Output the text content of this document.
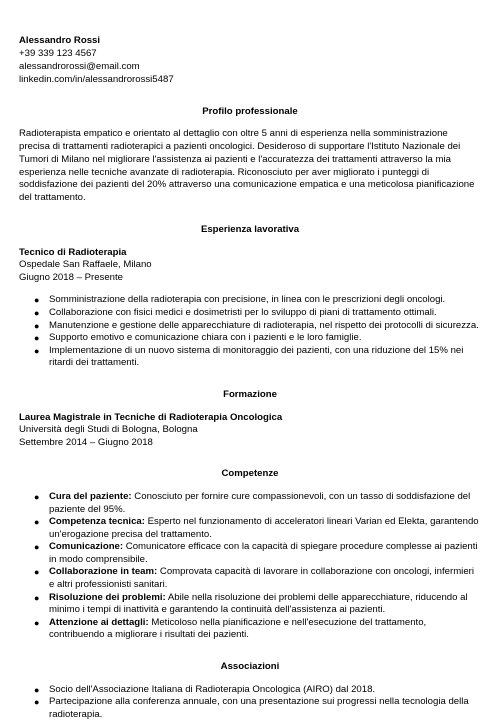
Alessandro Rossi
+39 339 123 4567
alessandrorossi@email.com
linkedin.com/in/alessandrorossi5487
Profilo professionale

Radioterapista empatico e orientato al dettaglio con oltre 5 anni di esperienza nella somministrazione precisa di trattamenti radioterapici a pazienti oncologici. Desideroso di supportare l'Istituto Nazionale dei Tumori di Milano nel migliorare l'assistenza ai pazienti e l'accuratezza dei trattamenti attraverso la mia esperienza nelle tecniche avanzate di radioterapia. Riconosciuto per aver migliorato i punteggi di soddisfazione dei pazienti del 20% attraverso una comunicazione empatica e una meticolosa pianificazione del trattamento.

Esperienza lavorativa
Tecnico di Radioterapia
Ospedale San Raffaele, Milano
Giugno 2018 – Presente
● Somministrazione della radioterapia con precisione, in linea con le prescrizioni degli oncologi.
● Collaborazione con fisici medici e dosimetristi per lo sviluppo di piani di trattamento ottimali.
● Manutenzione e gestione delle apparecchiature di radioterapia, nel rispetto dei protocolli di sicurezza.
● Supporto emotivo e comunicazione chiara con i pazienti e le loro famiglie.
● Implementazione di un nuovo sistema di monitoraggio dei pazienti, con una riduzione del 15% nei ritardi dei trattamenti.
Formazione
Laurea Magistrale in Tecniche di Radioterapia Oncologica
Università degli Studi di Bologna, Bologna
Settembre 2014 – Giugno 2018
Competenze
● Cura del paziente: Conosciuto per fornire cure compassionevoli, con un tasso di soddisfazione del paziente del 95%.
● Competenza tecnica: Esperto nel funzionamento di acceleratori lineari Varian ed Elekta, garantendo un'erogazione precisa del trattamento.
● Comunicazione: Comunicatore efficace con la capacità di spiegare procedure complesse ai pazienti in modo comprensibile.
● Collaborazione in team: Comprovata capacità di lavorare in collaborazione con oncologi, infermieri e altri professionisti sanitari.
● Risoluzione dei problemi: Abile nella risoluzione dei problemi delle apparecchiature, riducendo al minimo i tempi di inattività e garantendo la continuità dell'assistenza ai pazienti.
● Attenzione ai dettagli: Meticoloso nella pianificazione e nell'esecuzione del trattamento, contribuendo a migliorare i risultati dei pazienti.
Associazioni
● Socio dell'Associazione Italiana di Radioterapia Oncologica (AIRO) dal 2018.
● Partecipazione alla conferenza annuale, con una presentazione sui progressi nella tecnologia della radioterapia.
